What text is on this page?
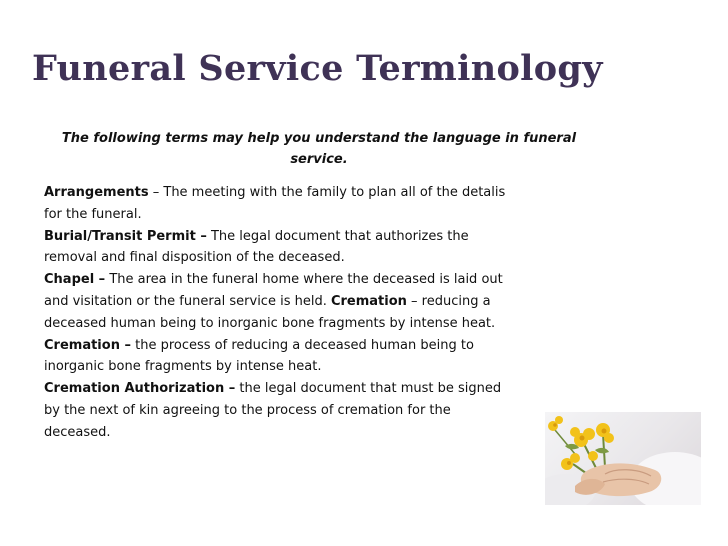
Funeral Service Terminology

The following terms may help you understand the language in funeral service.

Arrangements – The meeting with the family to plan all of the detalis for the funeral.

Burial/Transit Permit – The legal document that authorizes the removal and final disposition of the deceased.

Chapel – The area in the funeral home where the deceased is laid out and visitation or the funeral service is held. Cremation – reducing a deceased human being to inorganic bone fragments by intense heat.

Cremation – the process of reducing a deceased human being to inorganic bone fragments by intense heat.

Cremation Authorization – the legal document that must be signed by the next of kin agreeing to the process of cremation for the deceased.
